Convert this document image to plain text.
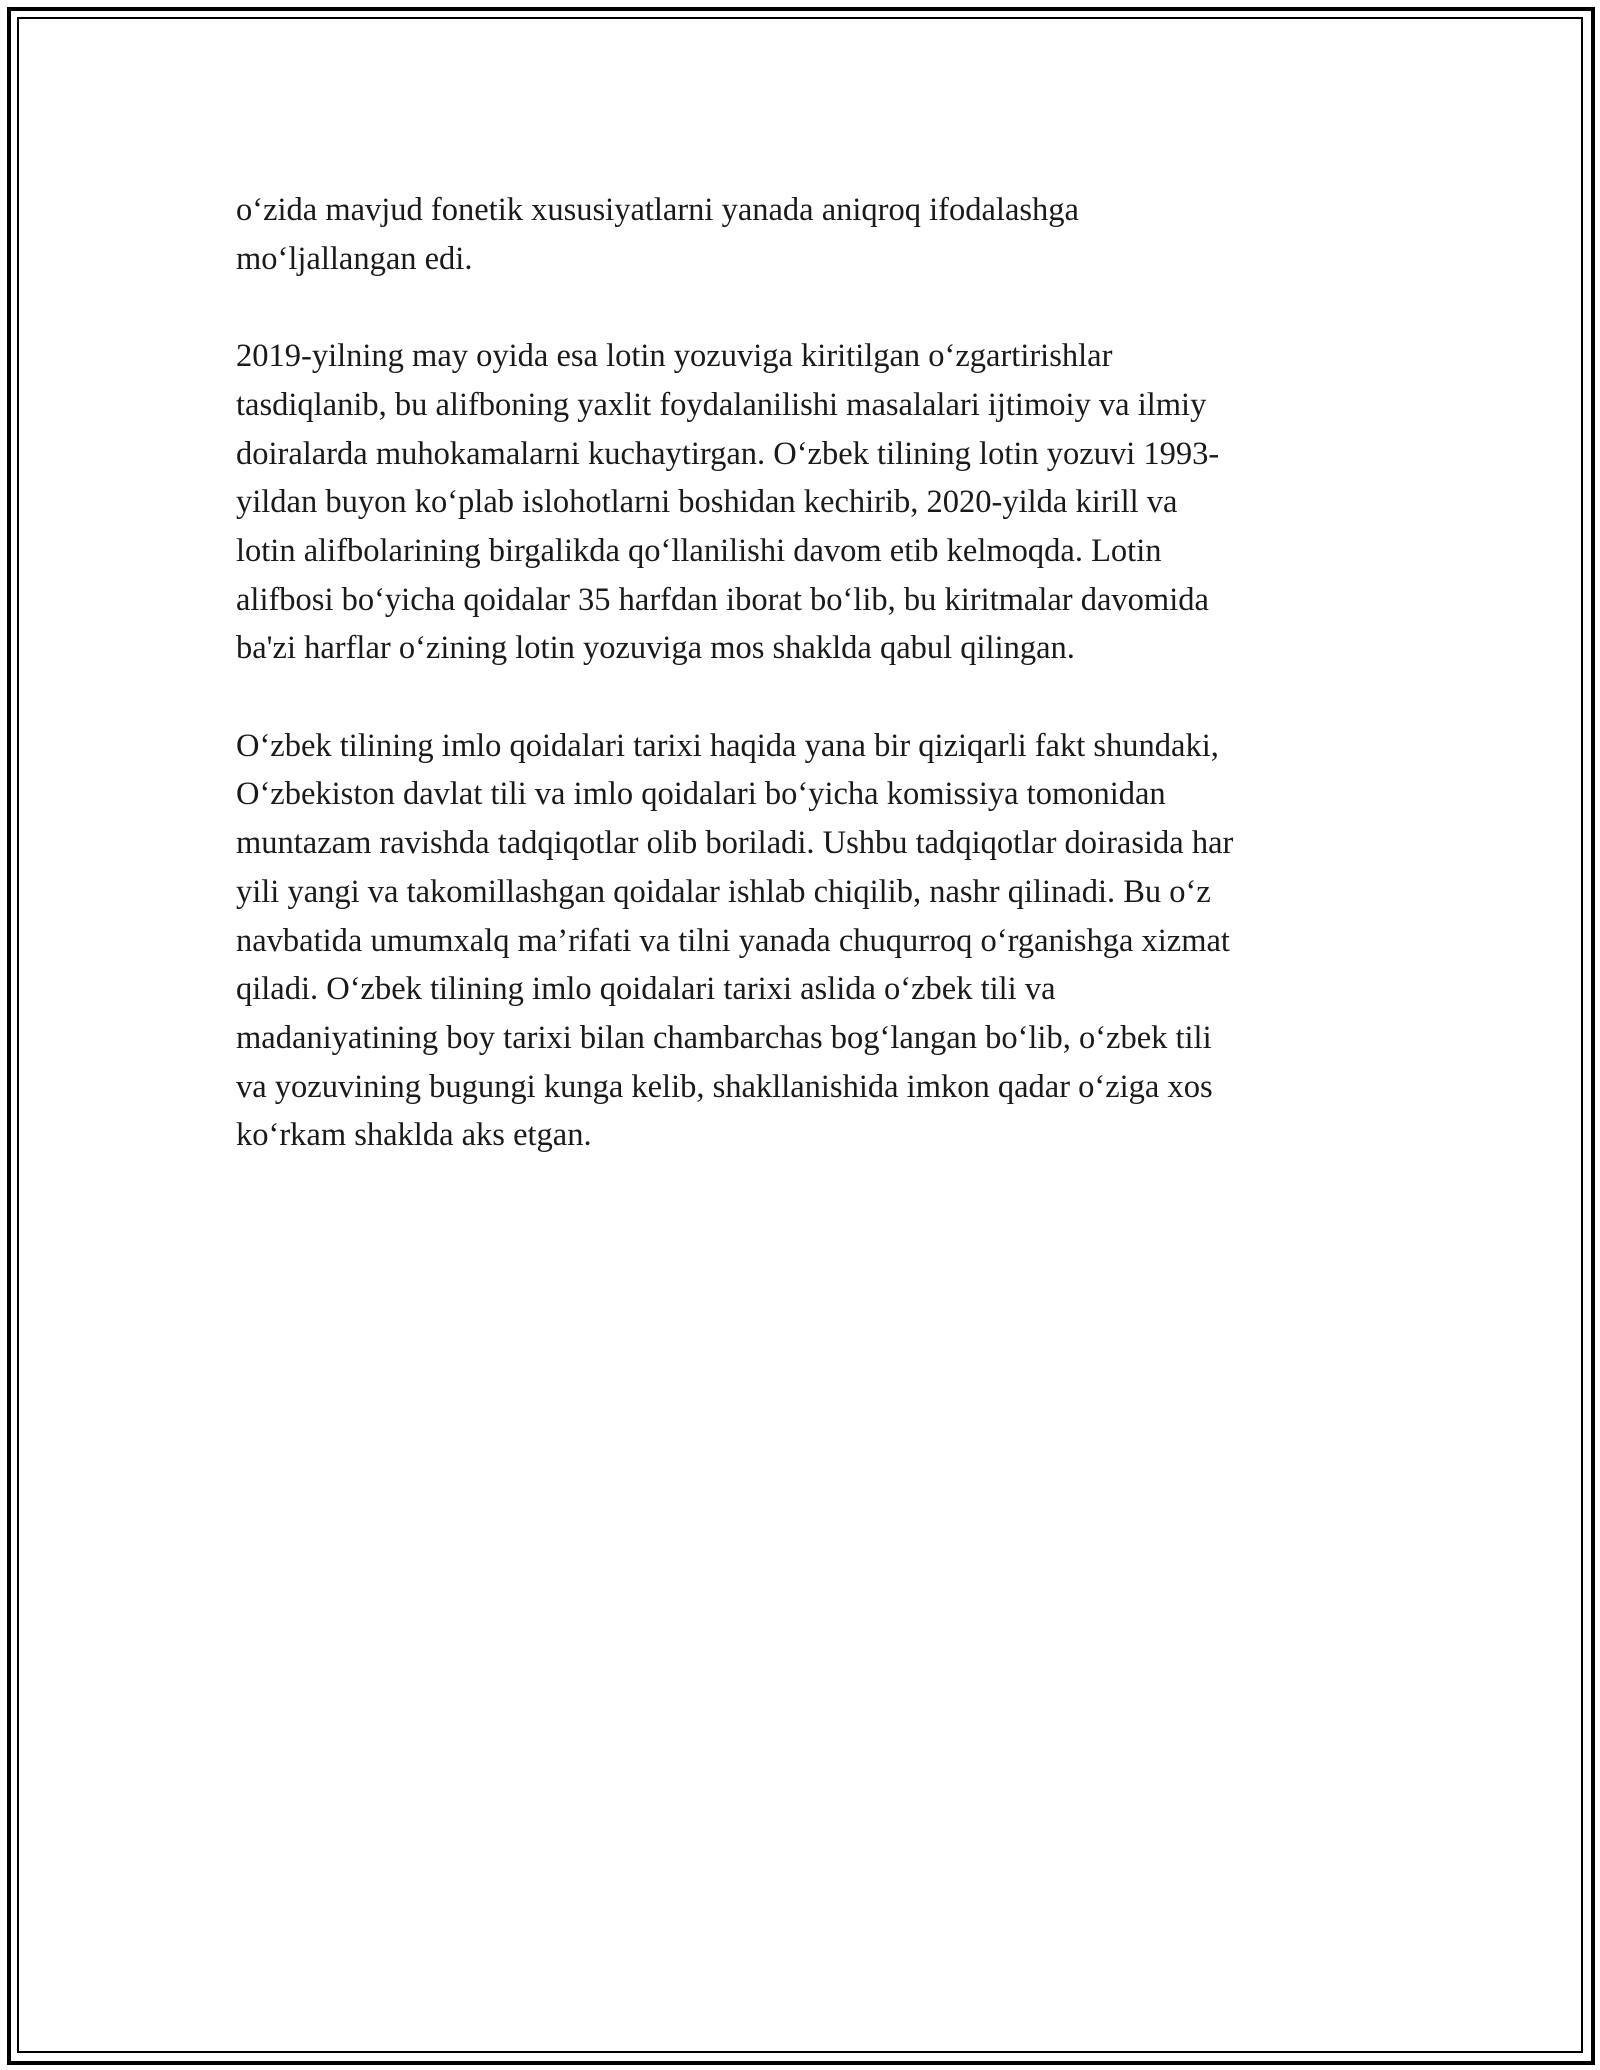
o‘zida mavjud fonetik xususiyatlarni yanada aniqroq ifodalashga
mo‘ljallangan edi.

2019-yilning may oyida esa lotin yozuviga kiritilgan o‘zgartirishlar
tasdiqlanib, bu alifboning yaxlit foydalanilishi masalalari ijtimoiy va ilmiy
doiralarda muhokamalarni kuchaytirgan. O‘zbek tilining lotin yozuvi 1993-
yildan buyon ko‘plab islohotlarni boshidan kechirib, 2020-yilda kirill va
lotin alifbolarining birgalikda qo‘llanilishi davom etib kelmoqda. Lotin
alifbosi bo‘yicha qoidalar 35 harfdan iborat bo‘lib, bu kiritmalar davomida
ba'zi harflar o‘zining lotin yozuviga mos shaklda qabul qilingan.

O‘zbek tilining imlo qoidalari tarixi haqida yana bir qiziqarli fakt shundaki,
O‘zbekiston davlat tili va imlo qoidalari bo‘yicha komissiya tomonidan
muntazam ravishda tadqiqotlar olib boriladi. Ushbu tadqiqotlar doirasida har
yili yangi va takomillashgan qoidalar ishlab chiqilib, nashr qilinadi. Bu o‘z
navbatida umumxalq ma’rifati va tilni yanada chuqurroq o‘rganishga xizmat
qiladi. O‘zbek tilining imlo qoidalari tarixi aslida o‘zbek tili va
madaniyatining boy tarixi bilan chambarchas bog‘langan bo‘lib, o‘zbek tili
va yozuvining bugungi kunga kelib, shakllanishida imkon qadar o‘ziga xos
ko‘rkam shaklda aks etgan.
